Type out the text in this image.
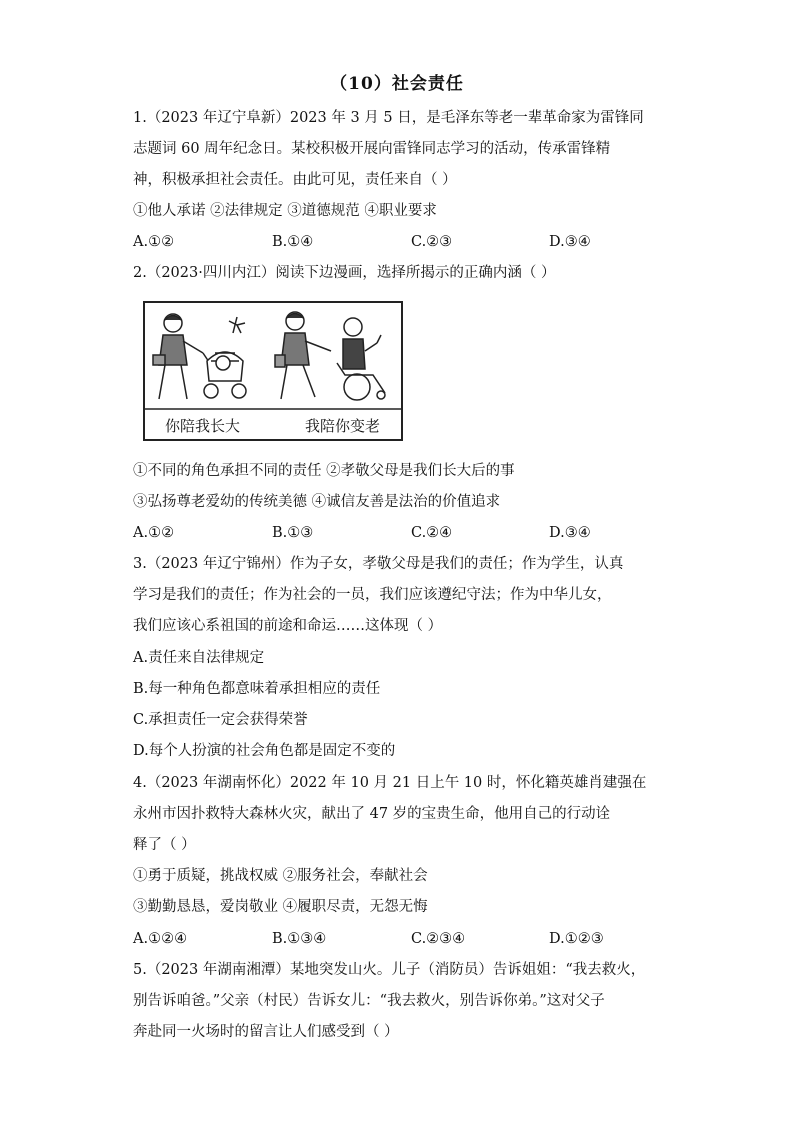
（10）社会责任
1.（2023 年辽宁阜新）2023 年 3 月 5 日，是毛泽东等老一辈革命家为雷锋同
志题词 60 周年纪念日。某校积极开展向雷锋同志学习的活动，传承雷锋精
神，积极承担社会责任。由此可见，责任来自（ ）
①他人承诺 ②法律规定 ③道德规范 ④职业要求
A.①②	B.①④	C.②③	D.③④
2.（2023·四川内江）阅读下边漫画，选择所揭示的正确内涵（ ）
你陪我长大	我陪你变老
①不同的角色承担不同的责任 ②孝敬父母是我们长大后的事
③弘扬尊老爱幼的传统美德 ④诚信友善是法治的价值追求
A.①②	B.①③	C.②④	D.③④
3.（2023 年辽宁锦州）作为子女，孝敬父母是我们的责任；作为学生，认真
学习是我们的责任；作为社会的一员，我们应该遵纪守法；作为中华儿女，
我们应该心系祖国的前途和命运……这体现（ ）
A.责任来自法律规定
B.每一种角色都意味着承担相应的责任
C.承担责任一定会获得荣誉
D.每个人扮演的社会角色都是固定不变的
4.（2023 年湖南怀化）2022 年 10 月 21 日上午 10 时，怀化籍英雄肖建强在
永州市因扑救特大森林火灾，献出了 47 岁的宝贵生命，他用自己的行动诠
释了（ ）
①勇于质疑，挑战权威 ②服务社会，奉献社会
③勤勤恳恳，爱岗敬业 ④履职尽责，无怨无悔
A.①②④	B.①③④	C.②③④	D.①②③
5.（2023 年湖南湘潭）某地突发山火。儿子（消防员）告诉姐姐：“我去救火，
别告诉咱爸。”父亲（村民）告诉女儿：“我去救火，别告诉你弟。”这对父子
奔赴同一火场时的留言让人们感受到（ ）
